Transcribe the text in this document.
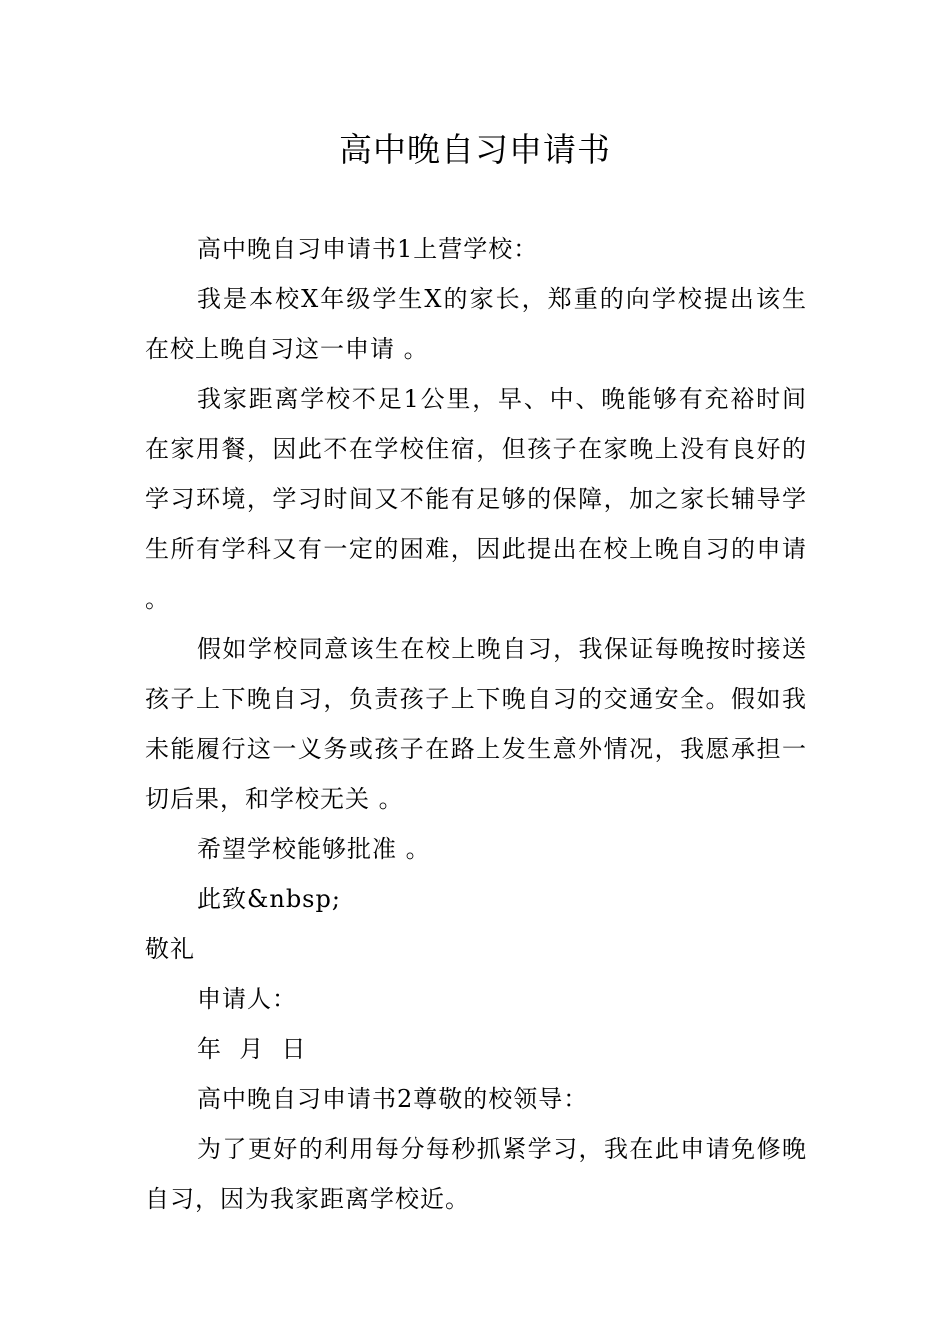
高中晚自习申请书

高中晚自习申请书1上营学校：

我是本校X年级学生X的家长，郑重的向学校提出该生在校上晚自习这一申请 。

我家距离学校不足1公里，早、中、晚能够有充裕时间在家用餐，因此不在学校住宿，但孩子在家晚上没有良好的学习环境，学习时间又不能有足够的保障，加之家长辅导学生所有学科又有一定的困难，因此提出在校上晚自习的申请 。

假如学校同意该生在校上晚自习，我保证每晚按时接送孩子上下晚自习，负责孩子上下晚自习的交通安全。假如我未能履行这一义务或孩子在路上发生意外情况，我愿承担一切后果，和学校无关 。

希望学校能够批准 。

此致&nbsp;

敬礼

申请人：

年  月  日

高中晚自习申请书2尊敬的校领导：

为了更好的利用每分每秒抓紧学习，我在此申请免修晚自习，因为我家距离学校近。
